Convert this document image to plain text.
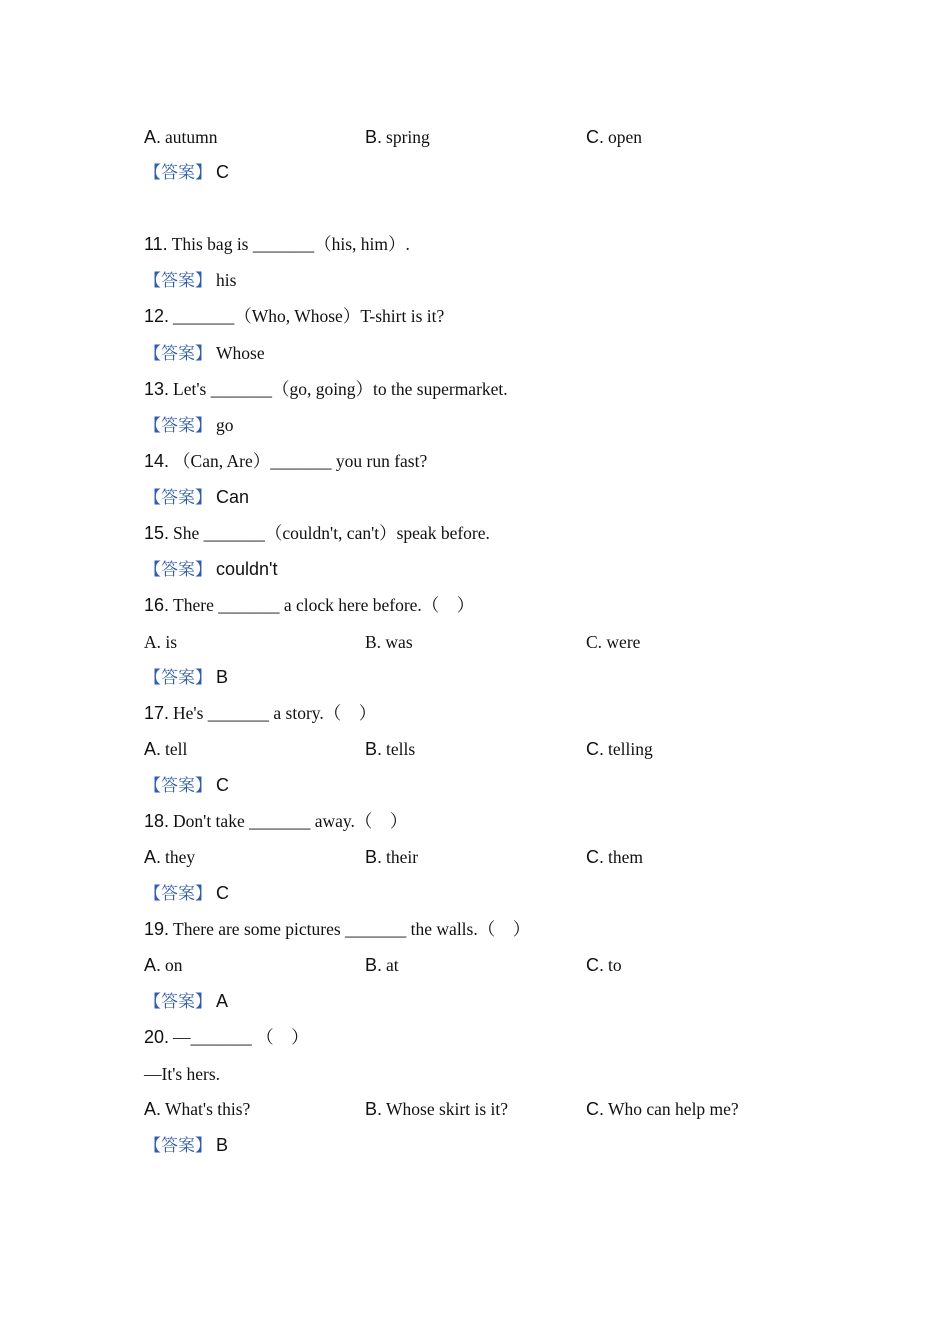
A. autumn	B. spring	C. open
【答案】 C
11. This bag is _______（his, him）.
【答案】 his
12. _______（Who, Whose）T-shirt is it?
【答案】 Whose
13. Let's _______（go, going）to the supermarket.
【答案】 go
14. （Can, Are）_______ you run fast?
【答案】 Can
15. She _______（couldn't, can't）speak before.
【答案】 couldn't
16. There _______ a clock here before.（　）
A. is	B. was	C. were
【答案】 B
17. He's _______ a story.（　）
A. tell	B. tells	C. telling
【答案】 C
18. Don't take _______ away.（　）
A. they	B. their	C. them
【答案】 C
19. There are some pictures _______ the walls.（　）
A. on	B. at	C. to
【答案】 A
20. —_______ （　）
—It's hers.
A. What's this?	B. Whose skirt is it?	C. Who can help me?
【答案】 B
